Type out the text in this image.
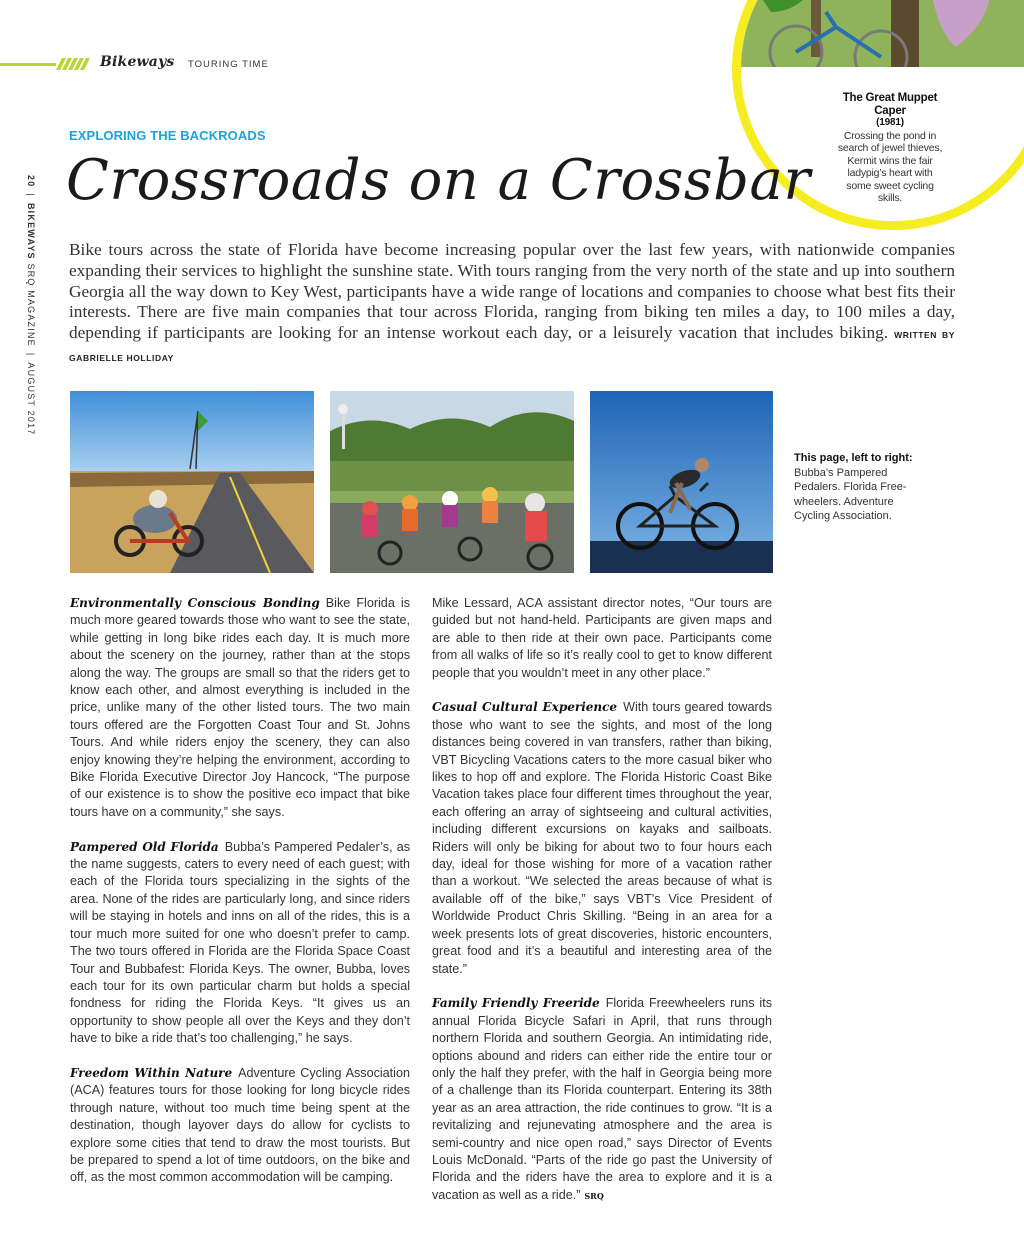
Bikeways TOURING TIME
20|BIKEWAYS SRQ MAGAZINE|AUGUST 2017
The Great Muppet Caper
(1981)
Crossing the pond in search of jewel thieves, Kermit wins the fair ladypig’s heart with some sweet cycling skills.
EXPLORING THE BACKROADS
Crossroads on a Crossbar
Bike tours across the state of Florida have become increasing popular over the last few years, with nationwide companies expanding their services to highlight the sunshine state. With tours ranging from the very north of the state and up into southern Georgia all the way down to Key West, participants have a wide range of locations and companies to choose what best fits their interests. There are five main companies that tour across Florida, ranging from biking ten miles a day, to 100 miles a day, depending if participants are looking for an intense workout each day, or a leisurely vacation that includes biking. WRITTEN BY GABRIELLE HOLLIDAY
This page, left to right:
Bubba’s Pampered Pedalers. Florida Free-wheelers. Adventure Cycling Association.

Environmentally Conscious Bonding Bike Florida is much more geared towards those who want to see the state, while getting in long bike rides each day. It is much more about the scenery on the journey, rather than at the stops along the way. The groups are small so that the riders get to know each other, and almost everything is included in the price, unlike many of the other listed tours. The two main tours offered are the Forgotten Coast Tour and St. Johns Tours. And while riders enjoy the scenery, they can also enjoy knowing they’re helping the environment, according to Bike Florida Executive Director Joy Hancock, “The purpose of our existence is to show the positive eco impact that bike tours have on a community,” she says.

Pampered Old Florida Bubba’s Pampered Pedaler’s, as the name suggests, caters to every need of each guest; with each of the Florida tours specializing in the sights of the area. None of the rides are particularly long, and since riders will be staying in hotels and inns on all of the rides, this is a tour much more suited for one who doesn’t prefer to camp. The two tours offered in Florida are the Florida Space Coast Tour and Bubbafest: Florida Keys. The owner, Bubba, loves each tour for its own particular charm but holds a special fondness for riding the Florida Keys. “It gives us an opportunity to show people all over the Keys and they don’t have to bike a ride that’s too challenging,” he says.

Freedom Within Nature Adventure Cycling Association (ACA) features tours for those looking for long bicycle rides through nature, without too much time being spent at the destination, though layover days do allow for cyclists to explore some cities that tend to draw the most tourists. But be prepared to spend a lot of time outdoors, on the bike and off, as the most common accommodation will be camping.

Mike Lessard, ACA assistant director notes, “Our tours are guided but not hand-held. Participants are given maps and are able to then ride at their own pace. Participants come from all walks of life so it’s really cool to get to know different people that you wouldn’t meet in any other place.”

Casual Cultural Experience With tours geared towards those who want to see the sights, and most of the long distances being covered in van transfers, rather than biking, VBT Bicycling Vacations caters to the more casual biker who likes to hop off and explore. The Florida Historic Coast Bike Vacation takes place four different times throughout the year, each offering an array of sightseeing and cultural activities, including different excursions on kayaks and sailboats. Riders will only be biking for about two to four hours each day, ideal for those wishing for more of a vacation rather than a workout. “We selected the areas because of what is available off of the bike,” says VBT’s Vice President of Worldwide Product Chris Skilling. “Being in an area for a week presents lots of great discoveries, historic encounters, great food and it’s a beautiful and interesting area of the state.”

Family Friendly Freeride Florida Freewheelers runs its annual Florida Bicycle Safari in April, that runs through northern Florida and southern Georgia. An intimidating ride, options abound and riders can either ride the entire tour or only the half they prefer, with the half in Georgia being more of a challenge than its Florida counterpart. Entering its 38th year as an area attraction, the ride continues to grow. “It is a revitalizing and rejunevating atmosphere and the area is semi-country and nice open road,” says Director of Events Louis McDonald. “Parts of the ride go past the University of Florida and the riders have the area to explore and it is a vacation as well as a ride.” SRQ
